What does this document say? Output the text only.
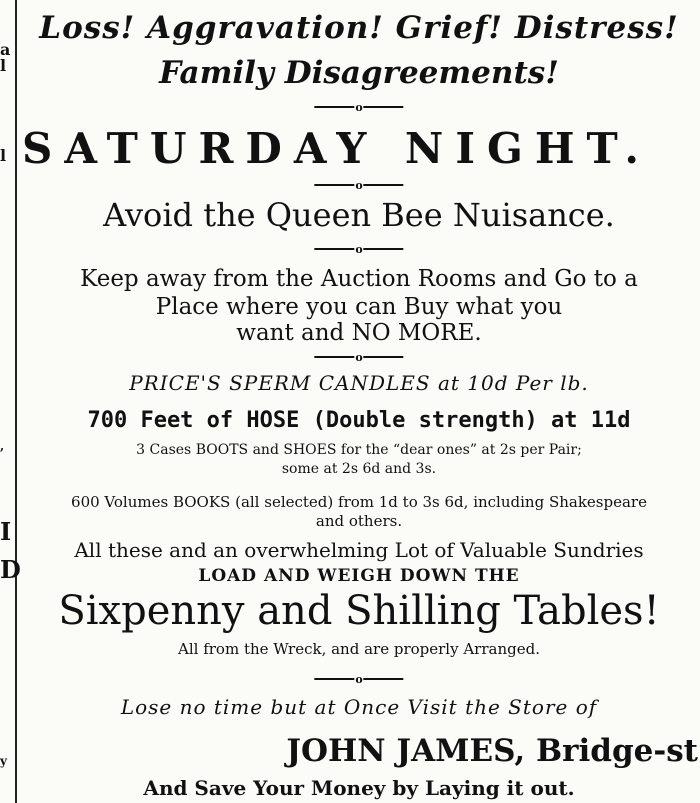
a
l
l
I
D
,
y
Loss! Aggravation! Grief! Distress!
Family Disagreements!
o
SATURDAY NIGHT.
o
Avoid the Queen Bee Nuisance.
o
Keep away from the Auction Rooms and Go to a
Place where you can Buy what you
want and NO MORE.
o
PRICE'S SPERM CANDLES at 10d Per lb.
700 Feet of HOSE (Double strength) at 11d
3 Cases BOOTS and SHOES for the “dear ones” at 2s per Pair;
some at 2s 6d and 3s.
600 Volumes BOOKS (all selected) from 1d to 3s 6d, including Shakespeare
and others.
All these and an overwhelming Lot of Valuable Sundries
LOAD AND WEIGH DOWN THE
Sixpenny and Shilling Tables!
All from the Wreck, and are properly Arranged.
o
Lose no time but at Once Visit the Store of
JOHN JAMES, Bridge-st
And Save Your Money by Laying it out.
